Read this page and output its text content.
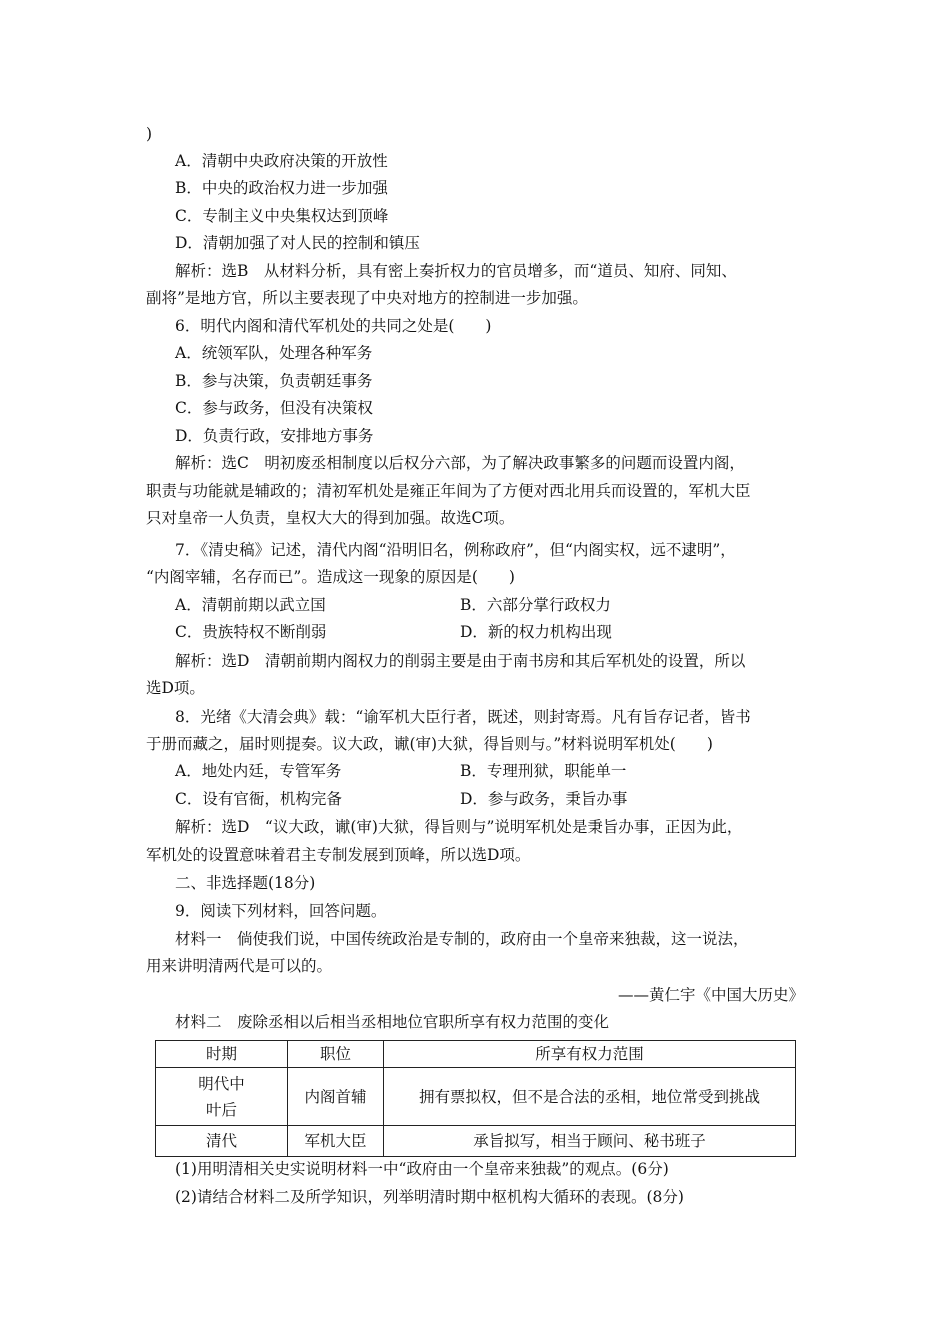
)
A．清朝中央政府决策的开放性
B．中央的政治权力进一步加强
C．专制主义中央集权达到顶峰
D．清朝加强了对人民的控制和镇压
解析：选B　从材料分析，具有密上奏折权力的官员增多，而“道员、知府、同知、
副将”是地方官，所以主要表现了中央对地方的控制进一步加强。
6．明代内阁和清代军机处的共同之处是(　　)
A．统领军队，处理各种军务
B．参与决策，负责朝廷事务
C．参与政务，但没有决策权
D．负责行政，安排地方事务
解析：选C　明初废丞相制度以后权分六部，为了解决政事繁多的问题而设置内阁，
职责与功能就是辅政的；清初军机处是雍正年间为了方便对西北用兵而设置的，军机大臣
只对皇帝一人负责，皇权大大的得到加强。故选C项。
7．《清史稿》记述，清代内阁“沿明旧名，例称政府”，但“内阁实权，远不逮明”，
“内阁宰辅，名存而已”。造成这一现象的原因是(　　)
A．清朝前期以武立国	B．六部分掌行政权力
C．贵族特权不断削弱	D．新的权力机构出现
解析：选D　清朝前期内阁权力的削弱主要是由于南书房和其后军机处的设置，所以
选D项。
8．光绪《大清会典》载：“谕军机大臣行者，既述，则封寄焉。凡有旨存记者，皆书
于册而藏之，届时则提奏。议大政，谳(审)大狱，得旨则与。”材料说明军机处(　　)
A．地处内廷，专管军务	B．专理刑狱，职能单一
C．设有官衙，机构完备	D．参与政务，秉旨办事
解析：选D　“议大政，谳(审)大狱，得旨则与”说明军机处是秉旨办事，正因为此，
军机处的设置意味着君主专制发展到顶峰，所以选D项。
二、非选择题(18分)
9．阅读下列材料，回答问题。
材料一　倘使我们说，中国传统政治是专制的，政府由一个皇帝来独裁，这一说法，
用来讲明清两代是可以的。
——黄仁宇《中国大历史》
材料二　废除丞相以后相当丞相地位官职所享有权力范围的变化
时期	职位	所享有权力范围
明代中
叶后	内阁首辅	拥有票拟权，但不是合法的丞相，地位常受到挑战
清代	军机大臣	承旨拟写，相当于顾问、秘书班子
(1)用明清相关史实说明材料一中“政府由一个皇帝来独裁”的观点。(6分)
(2)请结合材料二及所学知识，列举明清时期中枢机构大循环的表现。(8分)
